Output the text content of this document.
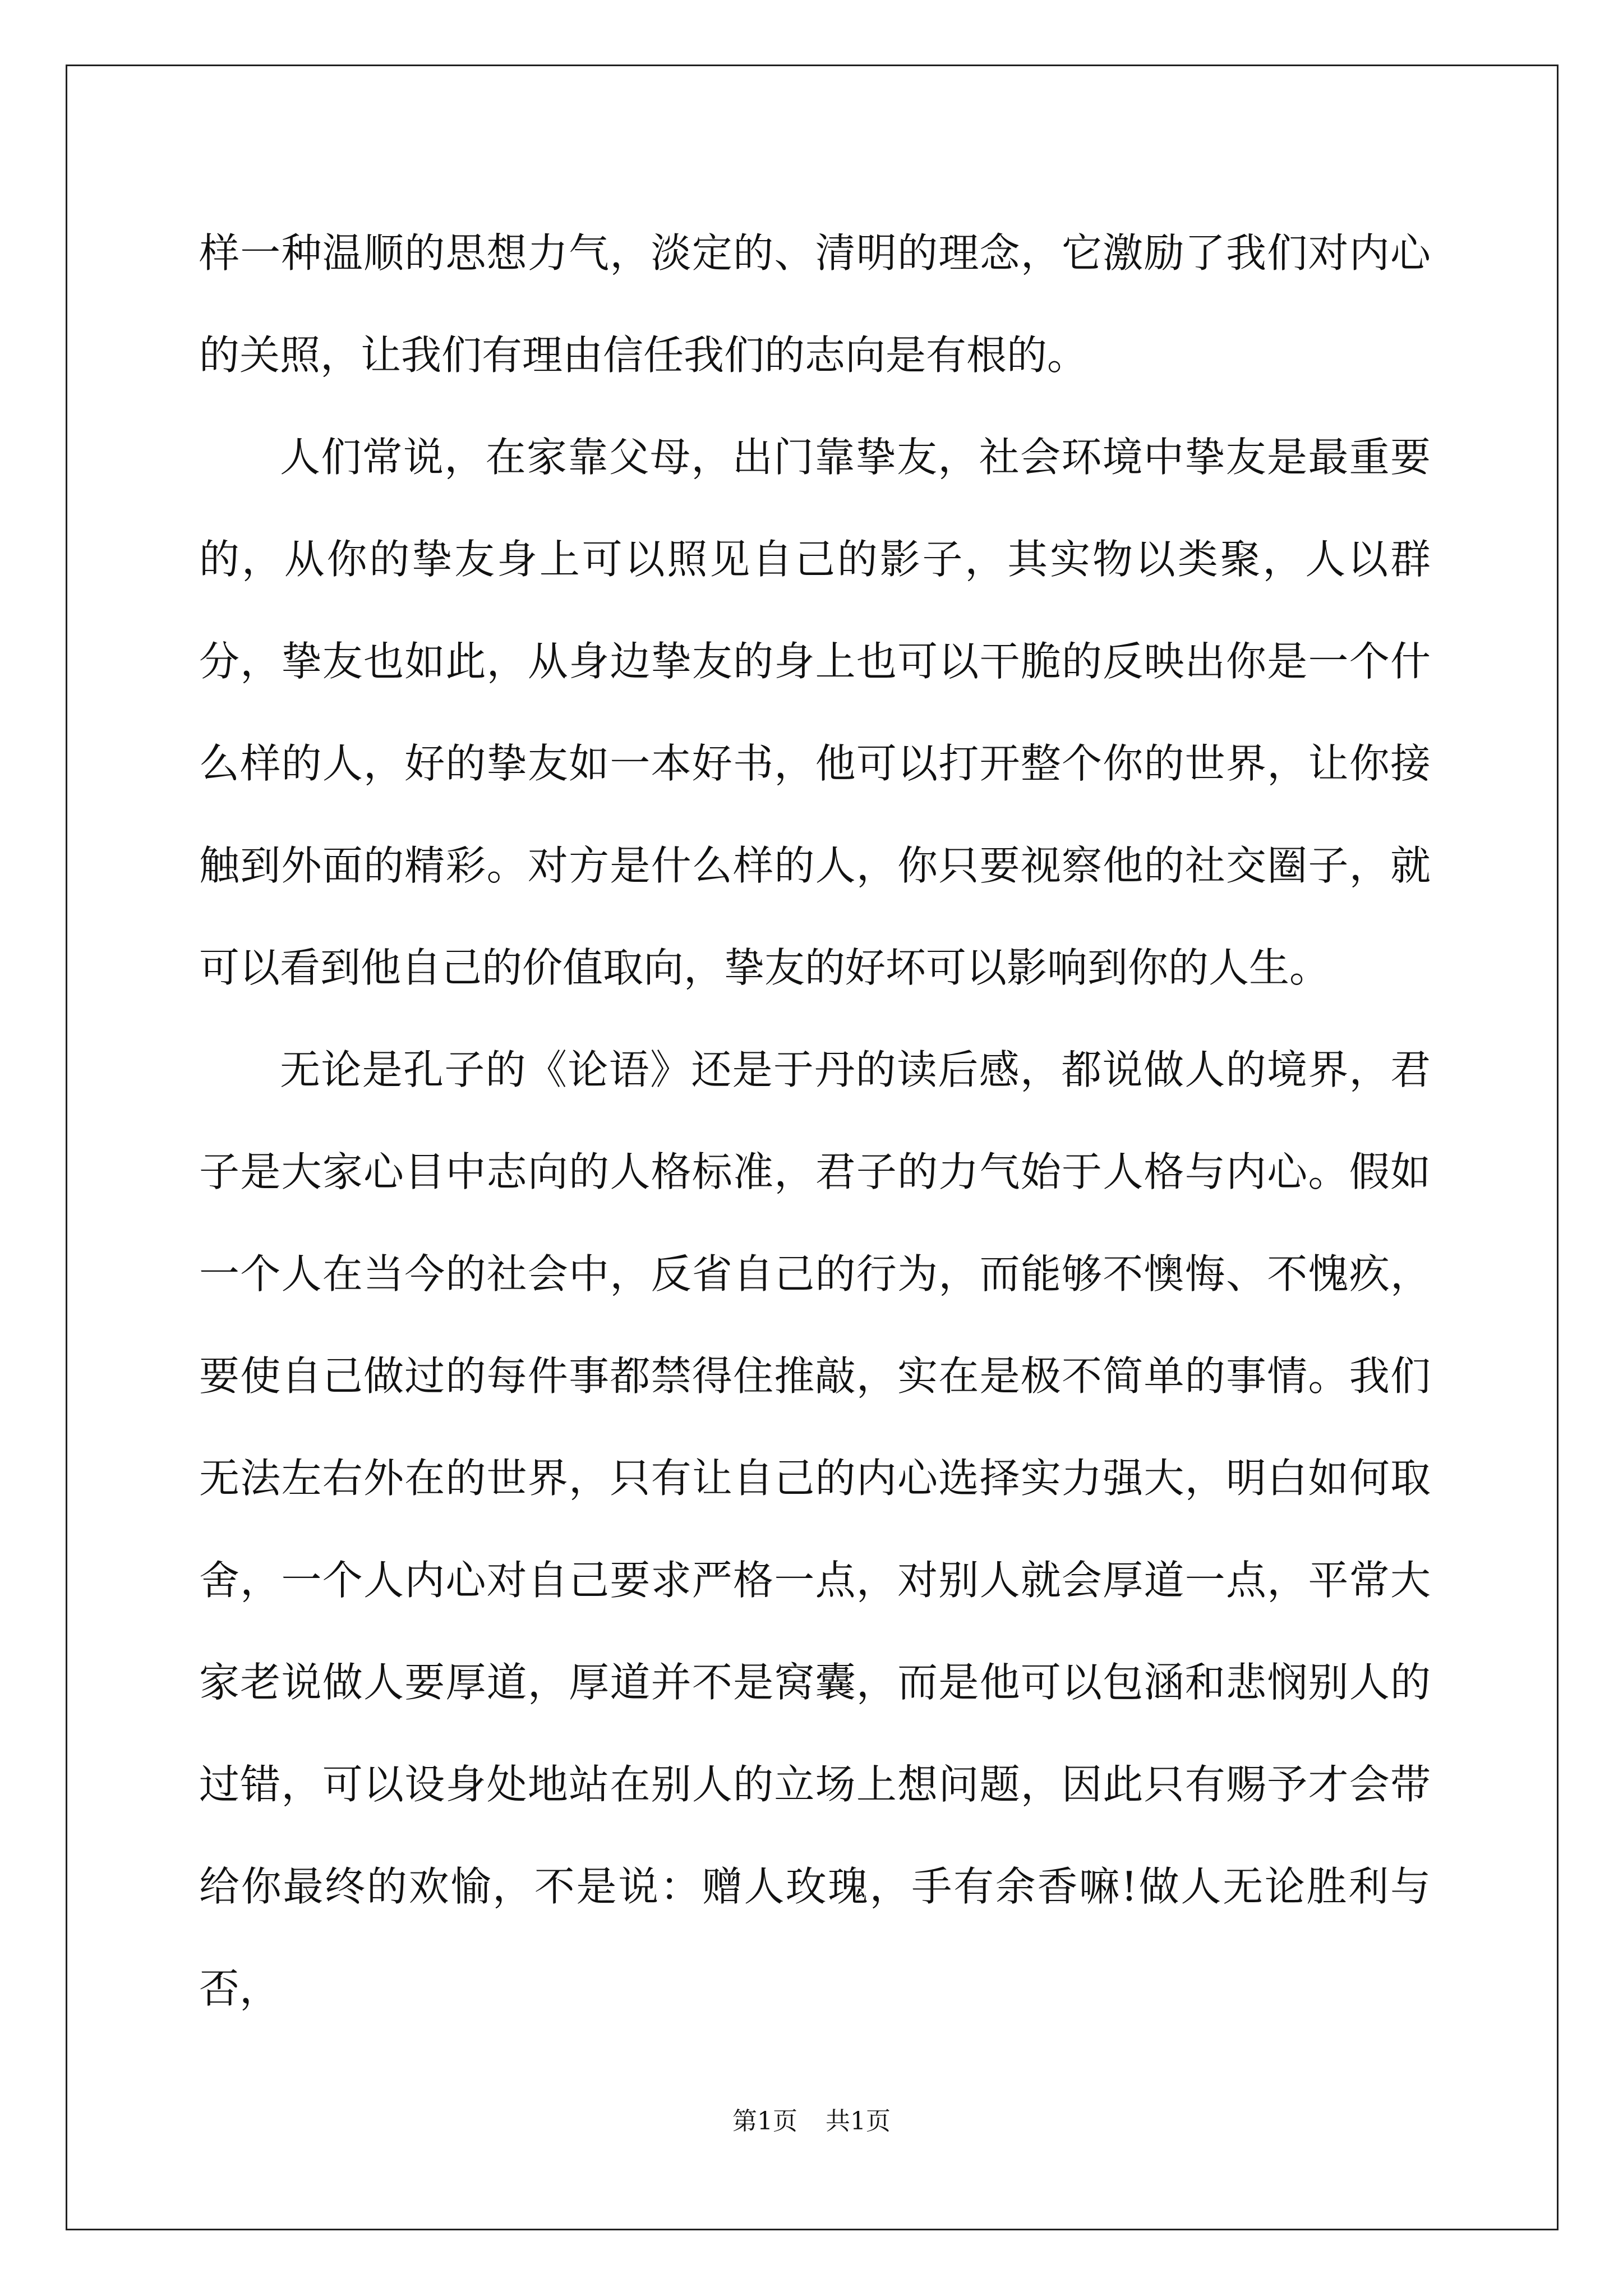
样一种温顺的思想力气，淡定的、清明的理念，它激励了我们对内心的关照，让我们有理由信任我们的志向是有根的。

人们常说，在家靠父母，出门靠挚友，社会环境中挚友是最重要的，从你的挚友身上可以照见自己的影子，其实物以类聚，人以群分，挚友也如此，从身边挚友的身上也可以干脆的反映出你是一个什么样的人，好的挚友如一本好书，他可以打开整个你的世界，让你接触到外面的精彩。对方是什么样的人，你只要视察他的社交圈子，就可以看到他自己的价值取向，挚友的好坏可以影响到你的人生。

无论是孔子的《论语》还是于丹的读后感，都说做人的境界，君子是大家心目中志向的人格标准，君子的力气始于人格与内心。假如一个人在当今的社会中，反省自己的行为，而能够不懊悔、不愧疚，要使自己做过的每件事都禁得住推敲，实在是极不简单的事情。我们无法左右外在的世界，只有让自己的内心选择实力强大，明白如何取舍，一个人内心对自己要求严格一点，对别人就会厚道一点，平常大家老说做人要厚道，厚道并不是窝囊，而是他可以包涵和悲悯别人的过错，可以设身处地站在别人的立场上想问题，因此只有赐予才会带给你最终的欢愉，不是说：赠人玫瑰，手有余香嘛!做人无论胜利与否，

第1页 共1页
